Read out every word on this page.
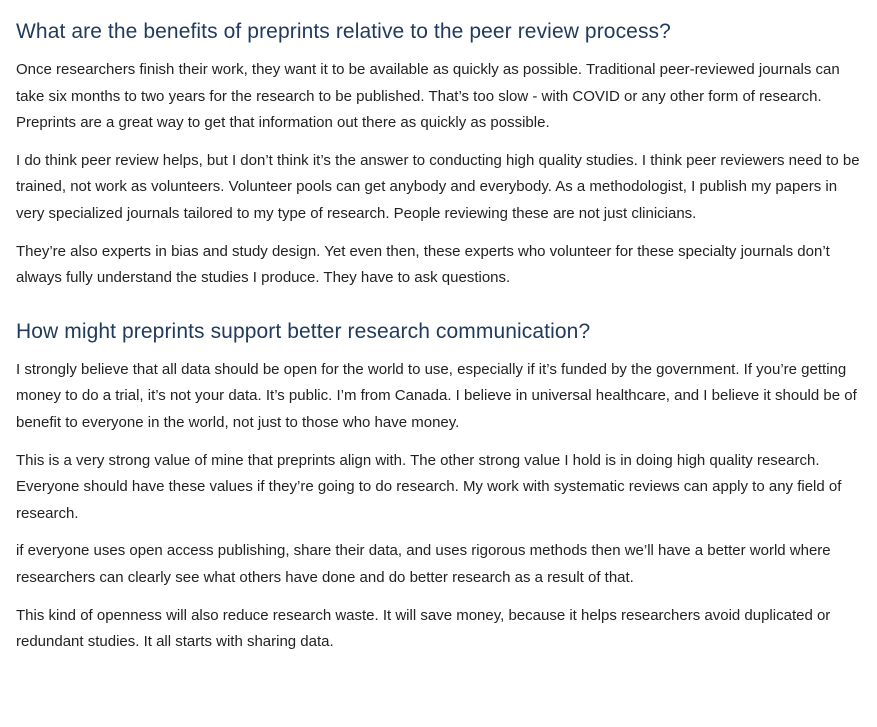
What are the benefits of preprints relative to the peer review process?

Once researchers finish their work, they want it to be available as quickly as possible. Traditional peer-reviewed journals can take six months to two years for the research to be published. That’s too slow - with COVID or any other form of research. Preprints are a great way to get that information out there as quickly as possible.

I do think peer review helps, but I don’t think it’s the answer to conducting high quality studies. I think peer reviewers need to be trained, not work as volunteers. Volunteer pools can get anybody and everybody. As a methodologist, I publish my papers in very specialized journals tailored to my type of research. People reviewing these are not just clinicians.

They’re also experts in bias and study design. Yet even then, these experts who volunteer for these specialty journals don’t always fully understand the studies I produce. They have to ask questions.

How might preprints support better research communication?

I strongly believe that all data should be open for the world to use, especially if it’s funded by the government. If you’re getting money to do a trial, it’s not your data. It’s public. I’m from Canada. I believe in universal healthcare, and I believe it should be of benefit to everyone in the world, not just to those who have money.

This is a very strong value of mine that preprints align with. The other strong value I hold is in doing high quality research. Everyone should have these values if they’re going to do research. My work with systematic reviews can apply to any field of research.

if everyone uses open access publishing, share their data, and uses rigorous methods then we’ll have a better world where researchers can clearly see what others have done and do better research as a result of that.

This kind of openness will also reduce research waste. It will save money, because it helps researchers avoid duplicated or redundant studies. It all starts with sharing data.
